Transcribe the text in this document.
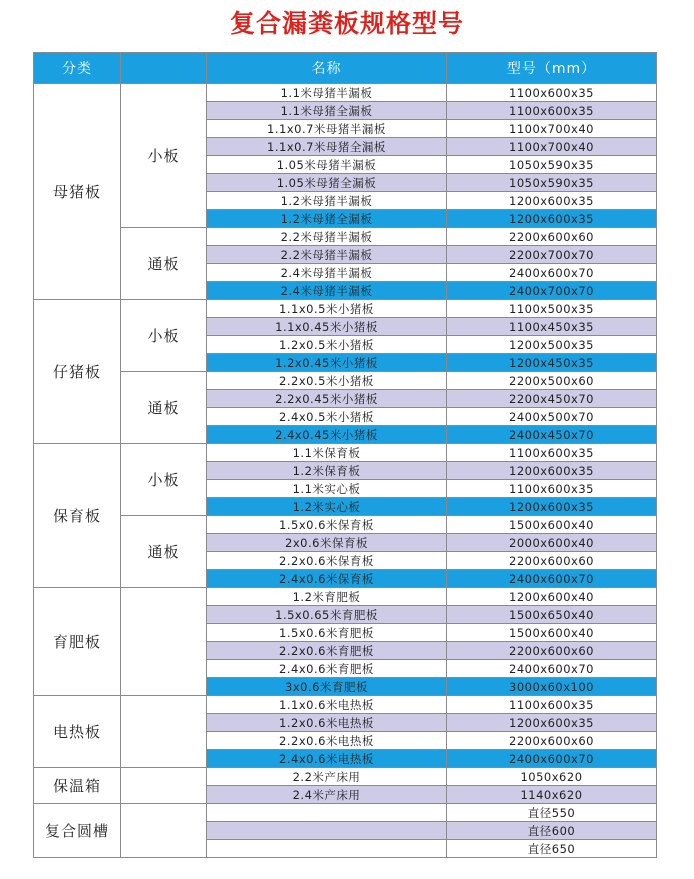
复合漏粪板规格型号
分类		名称	型号（mm）
母猪板	小板	1.1米母猪半漏板	1100x600x35
		1.1米母猪全漏板	1100x600x35
		1.1x0.7米母猪半漏板	1100x700x40
		1.1x0.7米母猪全漏板	1100x700x40
		1.05米母猪半漏板	1050x590x35
		1.05米母猪全漏板	1050x590x35
		1.2米母猪半漏板	1200x600x35
		1.2米母猪全漏板	1200x600x35
	通板	2.2米母猪半漏板	2200x600x60
		2.2米母猪半漏板	2200x700x70
		2.4米母猪半漏板	2400x600x70
		2.4米母猪半漏板	2400x700x70
仔猪板	小板	1.1x0.5米小猪板	1100x500x35
		1.1x0.45米小猪板	1100x450x35
		1.2x0.5米小猪板	1200x500x35
		1.2x0.45米小猪板	1200x450x35
	通板	2.2x0.5米小猪板	2200x500x60
		2.2x0.45米小猪板	2200x450x70
		2.4x0.5米小猪板	2400x500x70
		2.4x0.45米小猪板	2400x450x70
保育板	小板	1.1米保育板	1100x600x35
		1.2米保育板	1200x600x35
		1.1米实心板	1100x600x35
		1.2米实心板	1200x600x35
	通板	1.5x0.6米保育板	1500x600x40
		2x0.6米保育板	2000x600x40
		2.2x0.6米保育板	2200x600x60
		2.4x0.6米保育板	2400x600x70
育肥板		1.2米育肥板	1200x600x40
		1.5x0.65米育肥板	1500x650x40
		1.5x0.6米育肥板	1500x600x40
		2.2x0.6米育肥板	2200x600x60
		2.4x0.6米育肥板	2400x600x70
		3x0.6米育肥板	3000x60x100
电热板		1.1x0.6米电热板	1100x600x35
		1.2x0.6米电热板	1200x600x35
		2.2x0.6米电热板	2200x600x60
		2.4x0.6米电热板	2400x600x70
保温箱		2.2米产床用	1050x620
		2.4米产床用	1140x620
复合圆槽			直径550
			直径600
			直径650
